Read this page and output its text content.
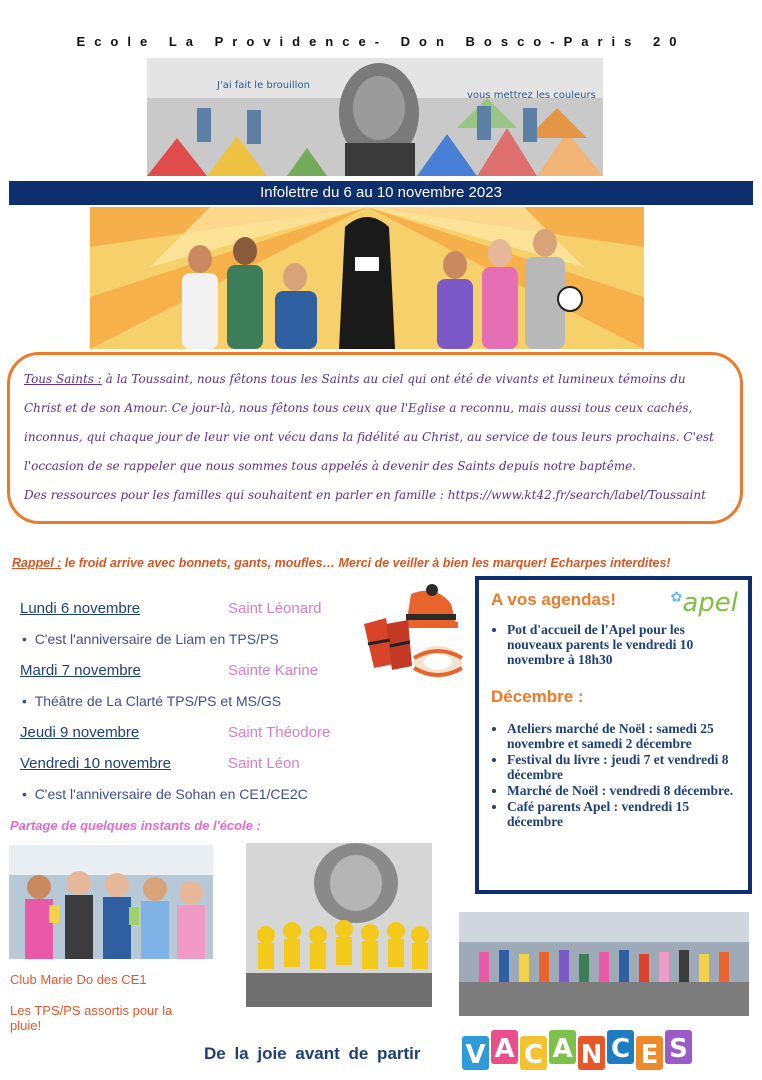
Ecole La Providence- Don Bosco-Paris 20
J'ai fait le brouillon
vous mettrez les couleurs
Infolettre du 6 au 10 novembre 2023

Tous Saints : à la Toussaint, nous fêtons tous les Saints au ciel qui ont été de vivants et lumineux témoins du Christ et de son Amour. Ce jour-là, nous fêtons tous ceux que l'Eglise a reconnu, mais aussi tous ceux cachés, inconnus, qui chaque jour de leur vie ont vécu dans la fidélité au Christ, au service de tous leurs prochains. C'est l'occasion de se rappeler que nous sommes tous appelés à devenir des Saints depuis notre baptême.

Des ressources pour les familles qui souhaitent en parler en famille : https://www.kt42.fr/search/label/Toussaint

Rappel : le froid arrive avec bonnets, gants, moufles… Merci de veiller à bien les marquer! Echarpes interdites!
Lundi 6 novembre	Saint Léonard
•  C'est l'anniversaire de Liam en TPS/PS
Mardi 7 novembre	Sainte Karine
•  Théâtre de La Clarté TPS/PS et MS/GS
Jeudi 9 novembre	Saint Théodore
Vendredi 10 novembre	Saint Léon
•  C'est l'anniversaire de Sohan en CE1/CE2C
✿apel
A vos agendas!
• Pot d'accueil de l'Apel pour les nouveaux parents le vendredi 10 novembre à 18h30
Décembre :
• Ateliers marché de Noël : samedi 25 novembre et samedi 2 décembre
• Festival du livre : jeudi 7 et vendredi 8 décembre
• Marché de Noël : vendredi 8 décembre.
• Café parents Apel : vendredi 15 décembre
Partage de quelques instants de l'école :
Club Marie Do des CE1
Les TPS/PS assortis pour la pluie!
De la joie avant de partir V A C A N C E S
